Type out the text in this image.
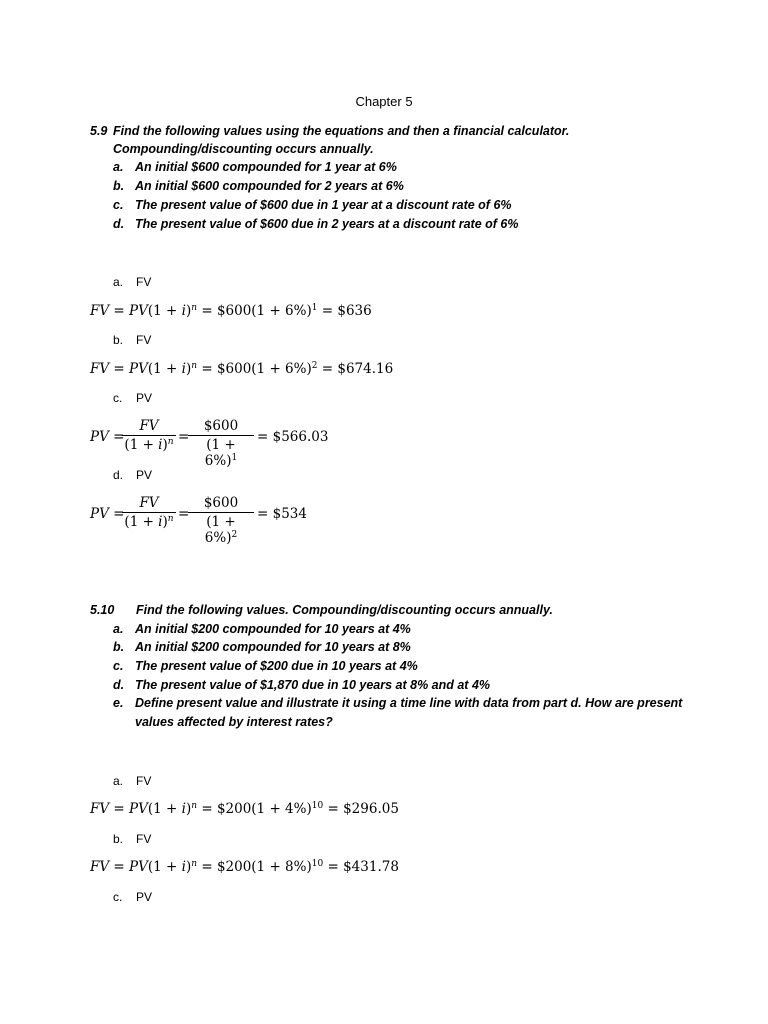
Chapter 5
5.9 Find the following values using the equations and then a financial calculator.
Compounding/discounting occurs annually.
a. An initial $600 compounded for 1 year at 6%
b. An initial $600 compounded for 2 years at 6%
c. The present value of $600 due in 1 year at a discount rate of 6%
d. The present value of $600 due in 2 years at a discount rate of 6%
a. FV
FV = $PV(1 + i)^n$ = $600(1 + 6%)$^1$ = $636
b. FV
FV = $PV(1 + i)^n$ = $600(1 + 6%)$^2$ = $674.16
c. PV
PV =
$\frac{FV}{(1 + i)^n}$ =
$\frac{\$600}{(1 + 6\%)^1}$ = $566.03
d. PV
PV =
$\frac{FV}{(1 + i)^n}$ =
$\frac{\$600}{(1 + 6\%)^2}$ = $534
5.10 Find the following values. Compounding/discounting occurs annually.
a. An initial $200 compounded for 10 years at 4%
b. An initial $200 compounded for 10 years at 8%
c. The present value of $200 due in 10 years at 4%
d. The present value of $1,870 due in 10 years at 8% and at 4%
e. Define present value and illustrate it using a time line with data from part d. How are present
values affected by interest rates?
a. FV
FV = $PV(1 + i)^n$ = $200(1 + 4%)$^{10}$ = $296.05
b. FV
FV = $PV(1 + i)^n$ = $200(1 + 8%)$^{10}$ = $431.78
c. PV
